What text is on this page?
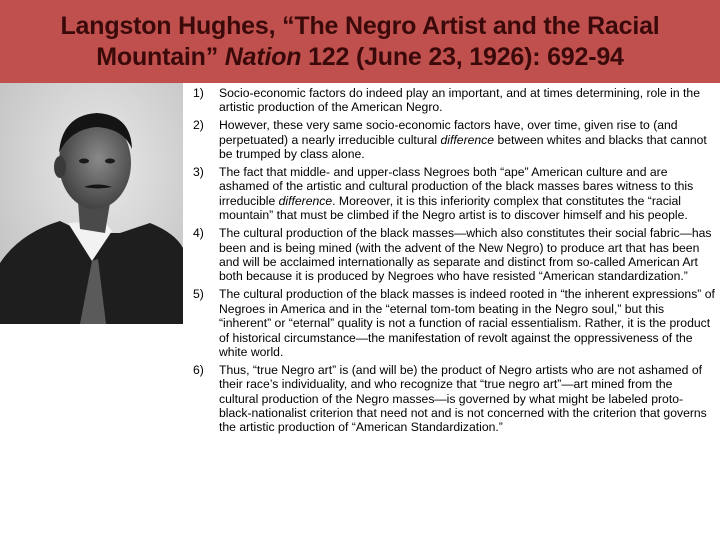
Langston Hughes, “The Negro Artist and the Racial Mountain” Nation 122 (June 23, 1926): 692-94
1) Socio-economic factors do indeed play an important, and at times determining, role in the artistic production of the American Negro.
2) However, these very same socio-economic factors have, over time, given rise to (and perpetuated) a nearly irreducible cultural difference between whites and blacks that cannot be trumped by class alone.
3) The fact that middle- and upper-class Negroes both “ape” American culture and are ashamed of the artistic and cultural production of the black masses bares witness to this irreducible difference. Moreover, it is this inferiority complex that constitutes the “racial mountain” that must be climbed if the Negro artist is to discover himself and his people.
4) The cultural production of the black masses—which also constitutes their social fabric—has been and is being mined (with the advent of the New Negro) to produce art that has been and will be acclaimed internationally as separate and distinct from so-called American Art both because it is produced by Negroes who have resisted “American standardization.”
5) The cultural production of the black masses is indeed rooted in “the inherent expressions” of Negroes in America and in the “eternal tom-tom beating in the Negro soul,” but this “inherent” or “eternal” quality is not a function of racial essentialism. Rather, it is the product of historical circumstance—the manifestation of revolt against the oppressiveness of the white world.
6) Thus, “true Negro art” is (and will be) the product of Negro artists who are not ashamed of their race’s individuality, and who recognize that “true negro art”—art mined from the cultural production of the Negro masses—is governed by what might be labeled proto-black-nationalist criterion that need not and is not concerned with the criterion that governs the artistic production of “American Standardization.”
